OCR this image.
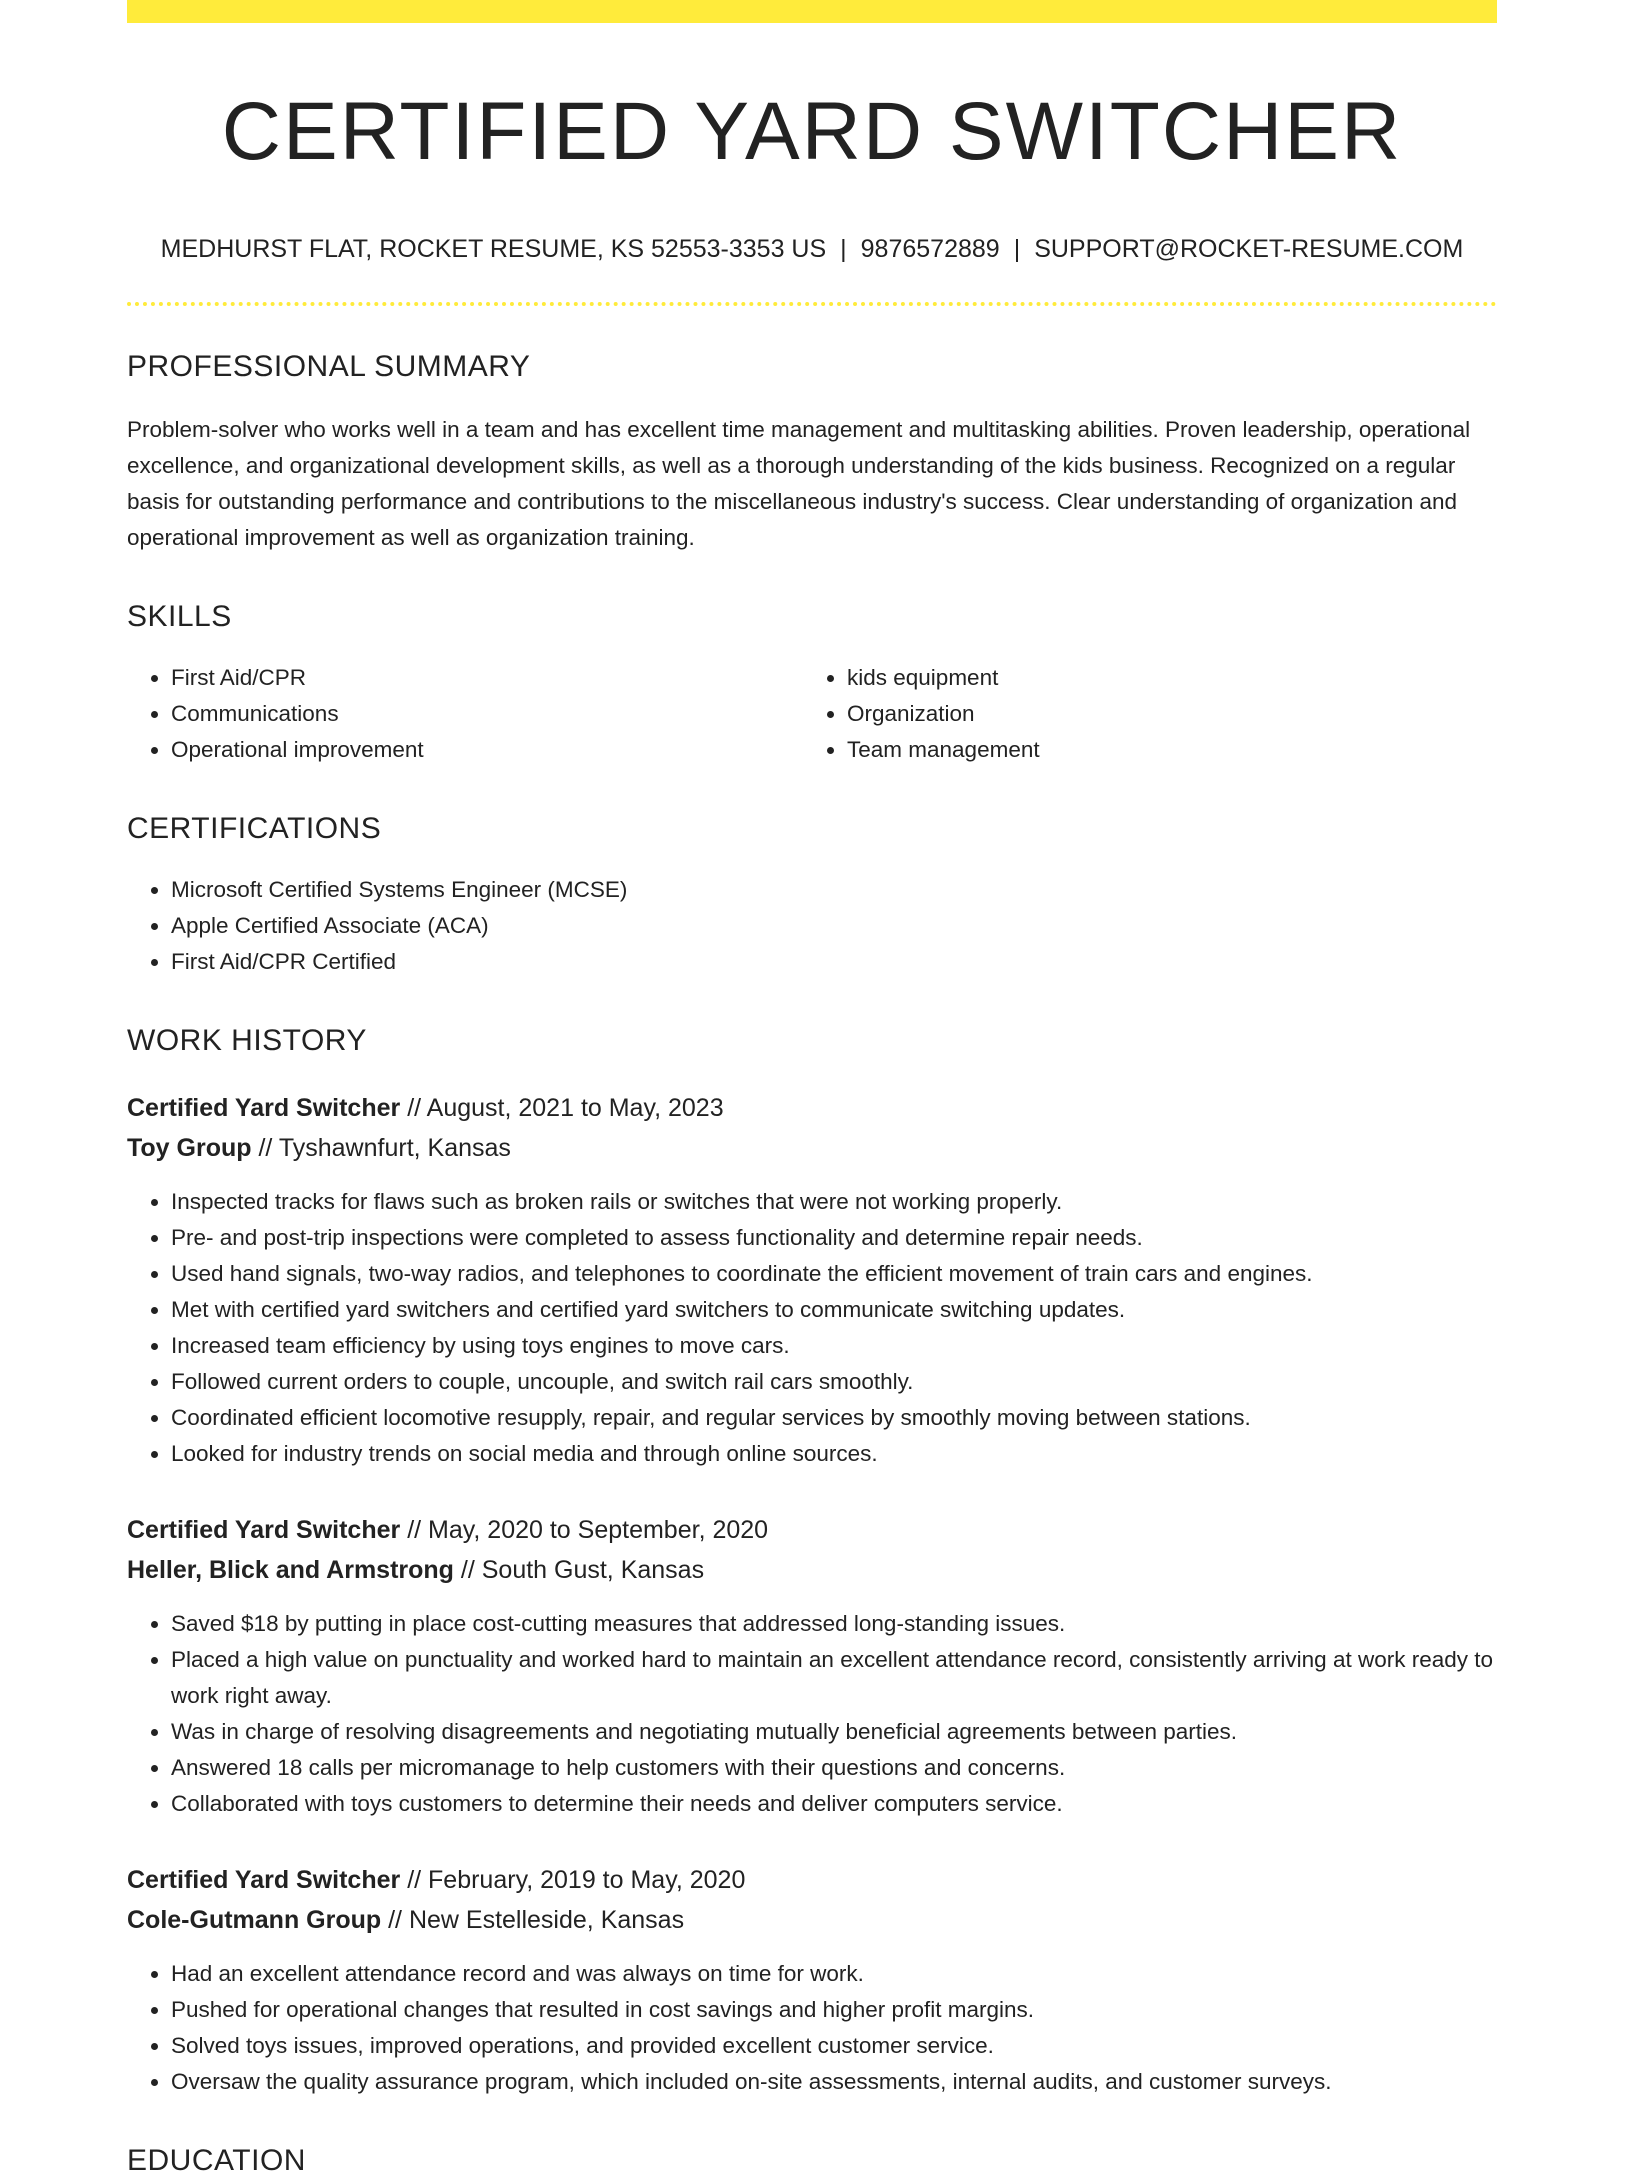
CERTIFIED YARD SWITCHER
MEDHURST FLAT, ROCKET RESUME, KS 52553-3353 US | 9876572889 | SUPPORT@ROCKET-RESUME.COM
PROFESSIONAL SUMMARY

Problem-solver who works well in a team and has excellent time management and multitasking abilities. Proven leadership, operational excellence, and organizational development skills, as well as a thorough understanding of the kids business. Recognized on a regular basis for outstanding performance and contributions to the miscellaneous industry's success. Clear understanding of organization and operational improvement as well as organization training.

SKILLS
• First Aid/CPR
• Communications
• Operational improvement
• kids equipment
• Organization
• Team management
CERTIFICATIONS
• Microsoft Certified Systems Engineer (MCSE)
• Apple Certified Associate (ACA)
• First Aid/CPR Certified
WORK HISTORY
Certified Yard Switcher // August, 2021 to May, 2023
Toy Group // Tyshawnfurt, Kansas
• Inspected tracks for flaws such as broken rails or switches that were not working properly.
• Pre- and post-trip inspections were completed to assess functionality and determine repair needs.
• Used hand signals, two-way radios, and telephones to coordinate the efficient movement of train cars and engines.
• Met with certified yard switchers and certified yard switchers to communicate switching updates.
• Increased team efficiency by using toys engines to move cars.
• Followed current orders to couple, uncouple, and switch rail cars smoothly.
• Coordinated efficient locomotive resupply, repair, and regular services by smoothly moving between stations.
• Looked for industry trends on social media and through online sources.
Certified Yard Switcher // May, 2020 to September, 2020
Heller, Blick and Armstrong // South Gust, Kansas
• Saved $18 by putting in place cost-cutting measures that addressed long-standing issues.
• Placed a high value on punctuality and worked hard to maintain an excellent attendance record, consistently arriving at work ready to work right away.
• Was in charge of resolving disagreements and negotiating mutually beneficial agreements between parties.
• Answered 18 calls per micromanage to help customers with their questions and concerns.
• Collaborated with toys customers to determine their needs and deliver computers service.
Certified Yard Switcher // February, 2019 to May, 2020
Cole-Gutmann Group // New Estelleside, Kansas
• Had an excellent attendance record and was always on time for work.
• Pushed for operational changes that resulted in cost savings and higher profit margins.
• Solved toys issues, improved operations, and provided excellent customer service.
• Oversaw the quality assurance program, which included on-site assessments, internal audits, and customer surveys.
EDUCATION
